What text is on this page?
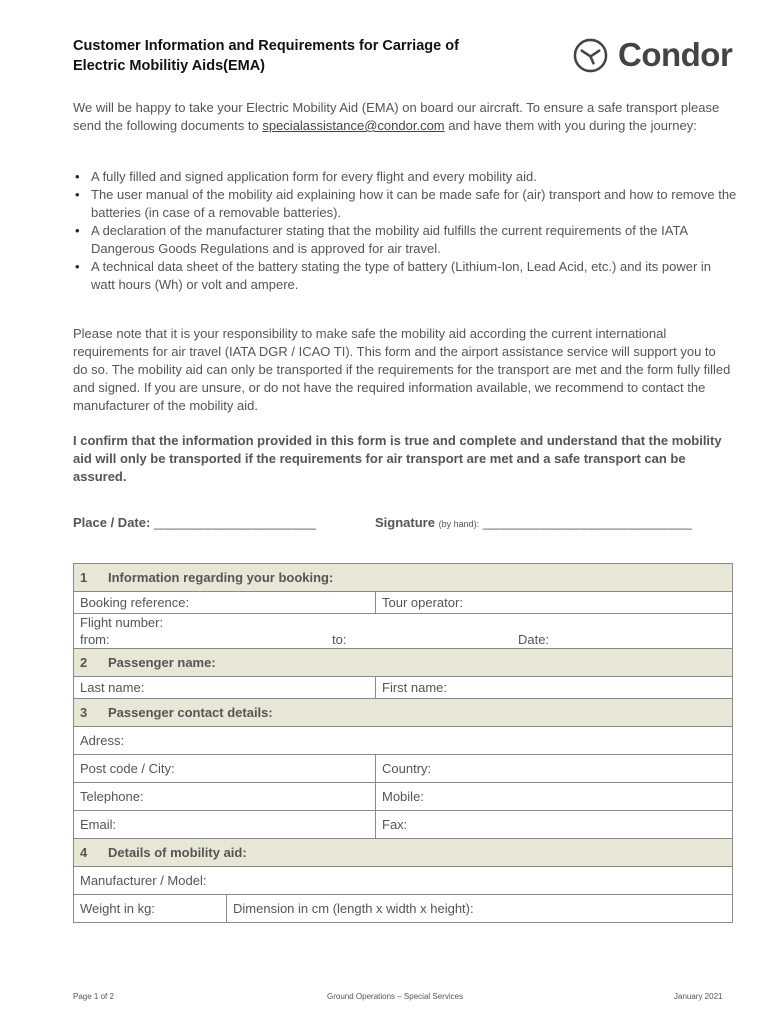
Customer Information and Requirements for Carriage of
Electric Mobilitiy Aids(EMA)	Condor
We will be happy to take your Electric Mobility Aid (EMA) on board our aircraft. To ensure a safe transport please send the following documents to specialassistance@condor.com and have them with you during the journey:
• A fully filled and signed application form for every flight and every mobility aid.
• The user manual of the mobility aid explaining how it can be made safe for (air) transport and how to remove the batteries (in case of a removable batteries).
• A declaration of the manufacturer stating that the mobility aid fulfills the current requirements of the IATA Dangerous Goods Regulations and is approved for air travel.
• A technical data sheet of the battery stating the type of battery (Lithium-Ion, Lead Acid, etc.) and its power in watt hours (Wh) or volt and ampere.
Please note that it is your responsibility to make safe the mobility aid according the current international requirements for air travel (IATA DGR / ICAO TI). This form and the airport assistance service will support you to do so. The mobility aid can only be transported if the requirements for the transport are met and the form fully filled and signed. If you are unsure, or do not have the required information available, we recommend to contact the manufacturer of the mobility aid.
I confirm that the information provided in this form is true and complete and understand that the mobility aid will only be transported if the requirements for air transport are met and a safe transport can be assured.
Place / Date: ________________________	Signature (by hand): _______________________________
1 Information regarding your booking:		
Booking reference:		Tour operator:

Flight number:
from: to: Date:		

2 Passenger name:		
Last name:		First name:
3 Passenger contact details:		
Adress:		
Post code / City:		Country:
Telephone:		Mobile:
Email:		Fax:
4 Details of mobility aid:		
Manufacturer / Model:		
Weight in kg:	Dimension in cm (length x width x height):	
Page 1 of 2	Ground Operations – Special Services	January 2021
